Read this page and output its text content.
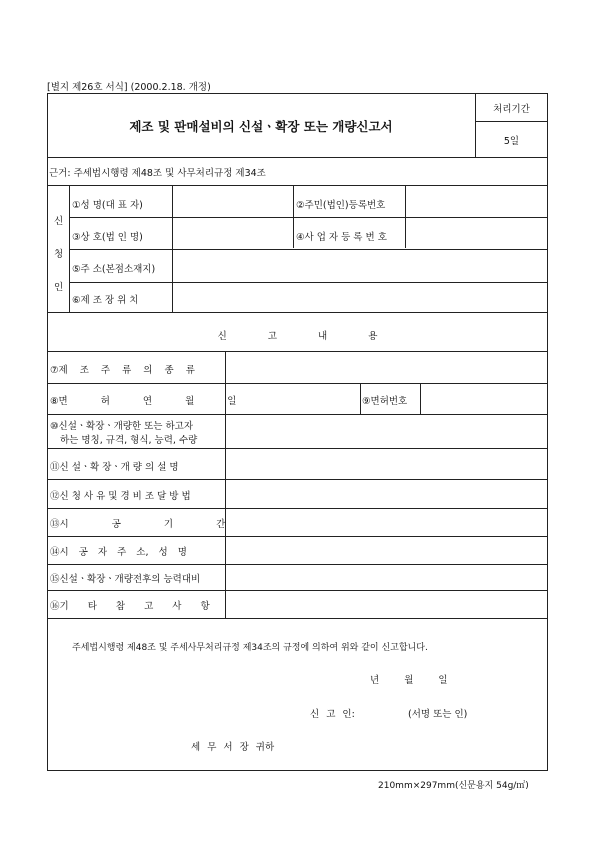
[별지 제26호 서식] (2000.2.18. 개정)
제조 및 판매설비의 신설ㆍ확장 또는 개량신고서
처리기간
5일
근거: 주세법시행령 제48조 및 사무처리규정 제34조
신
청
인
①성 명(대 표 자)	②주민(법인)등록번호
③상 호(법 인 명)	④사 업 자 등 록 번 호
⑤주 소(본점소재지)
⑥제 조 장 위 치
신 고 내 용
⑦제 조 주 류 의 종 류
⑧면 허 연 월 일	⑨면허번호
⑩신설ㆍ확장ㆍ개량한 또는 하고자
하는 명칭, 규격, 형식, 능력, 수량
⑪신 설ㆍ확 장ㆍ개 량 의 설 명
⑫신 청 사 유 및 경 비 조 달 방 법
⑬시 공 기 간
⑭시 공 자 주 소, 성 명
⑮신설ㆍ확장ㆍ개량전후의 능력대비
⑯기 타 참 고 사 항
주세법시행령 제48조 및 주세사무처리규정 제34조의 규정에 의하여 위와 같이 신고합니다.
년 월 일
신 고 인:	(서명 또는 인)
세 무 서 장 귀하
210mm×297mm(신문용지 54g/㎡)
